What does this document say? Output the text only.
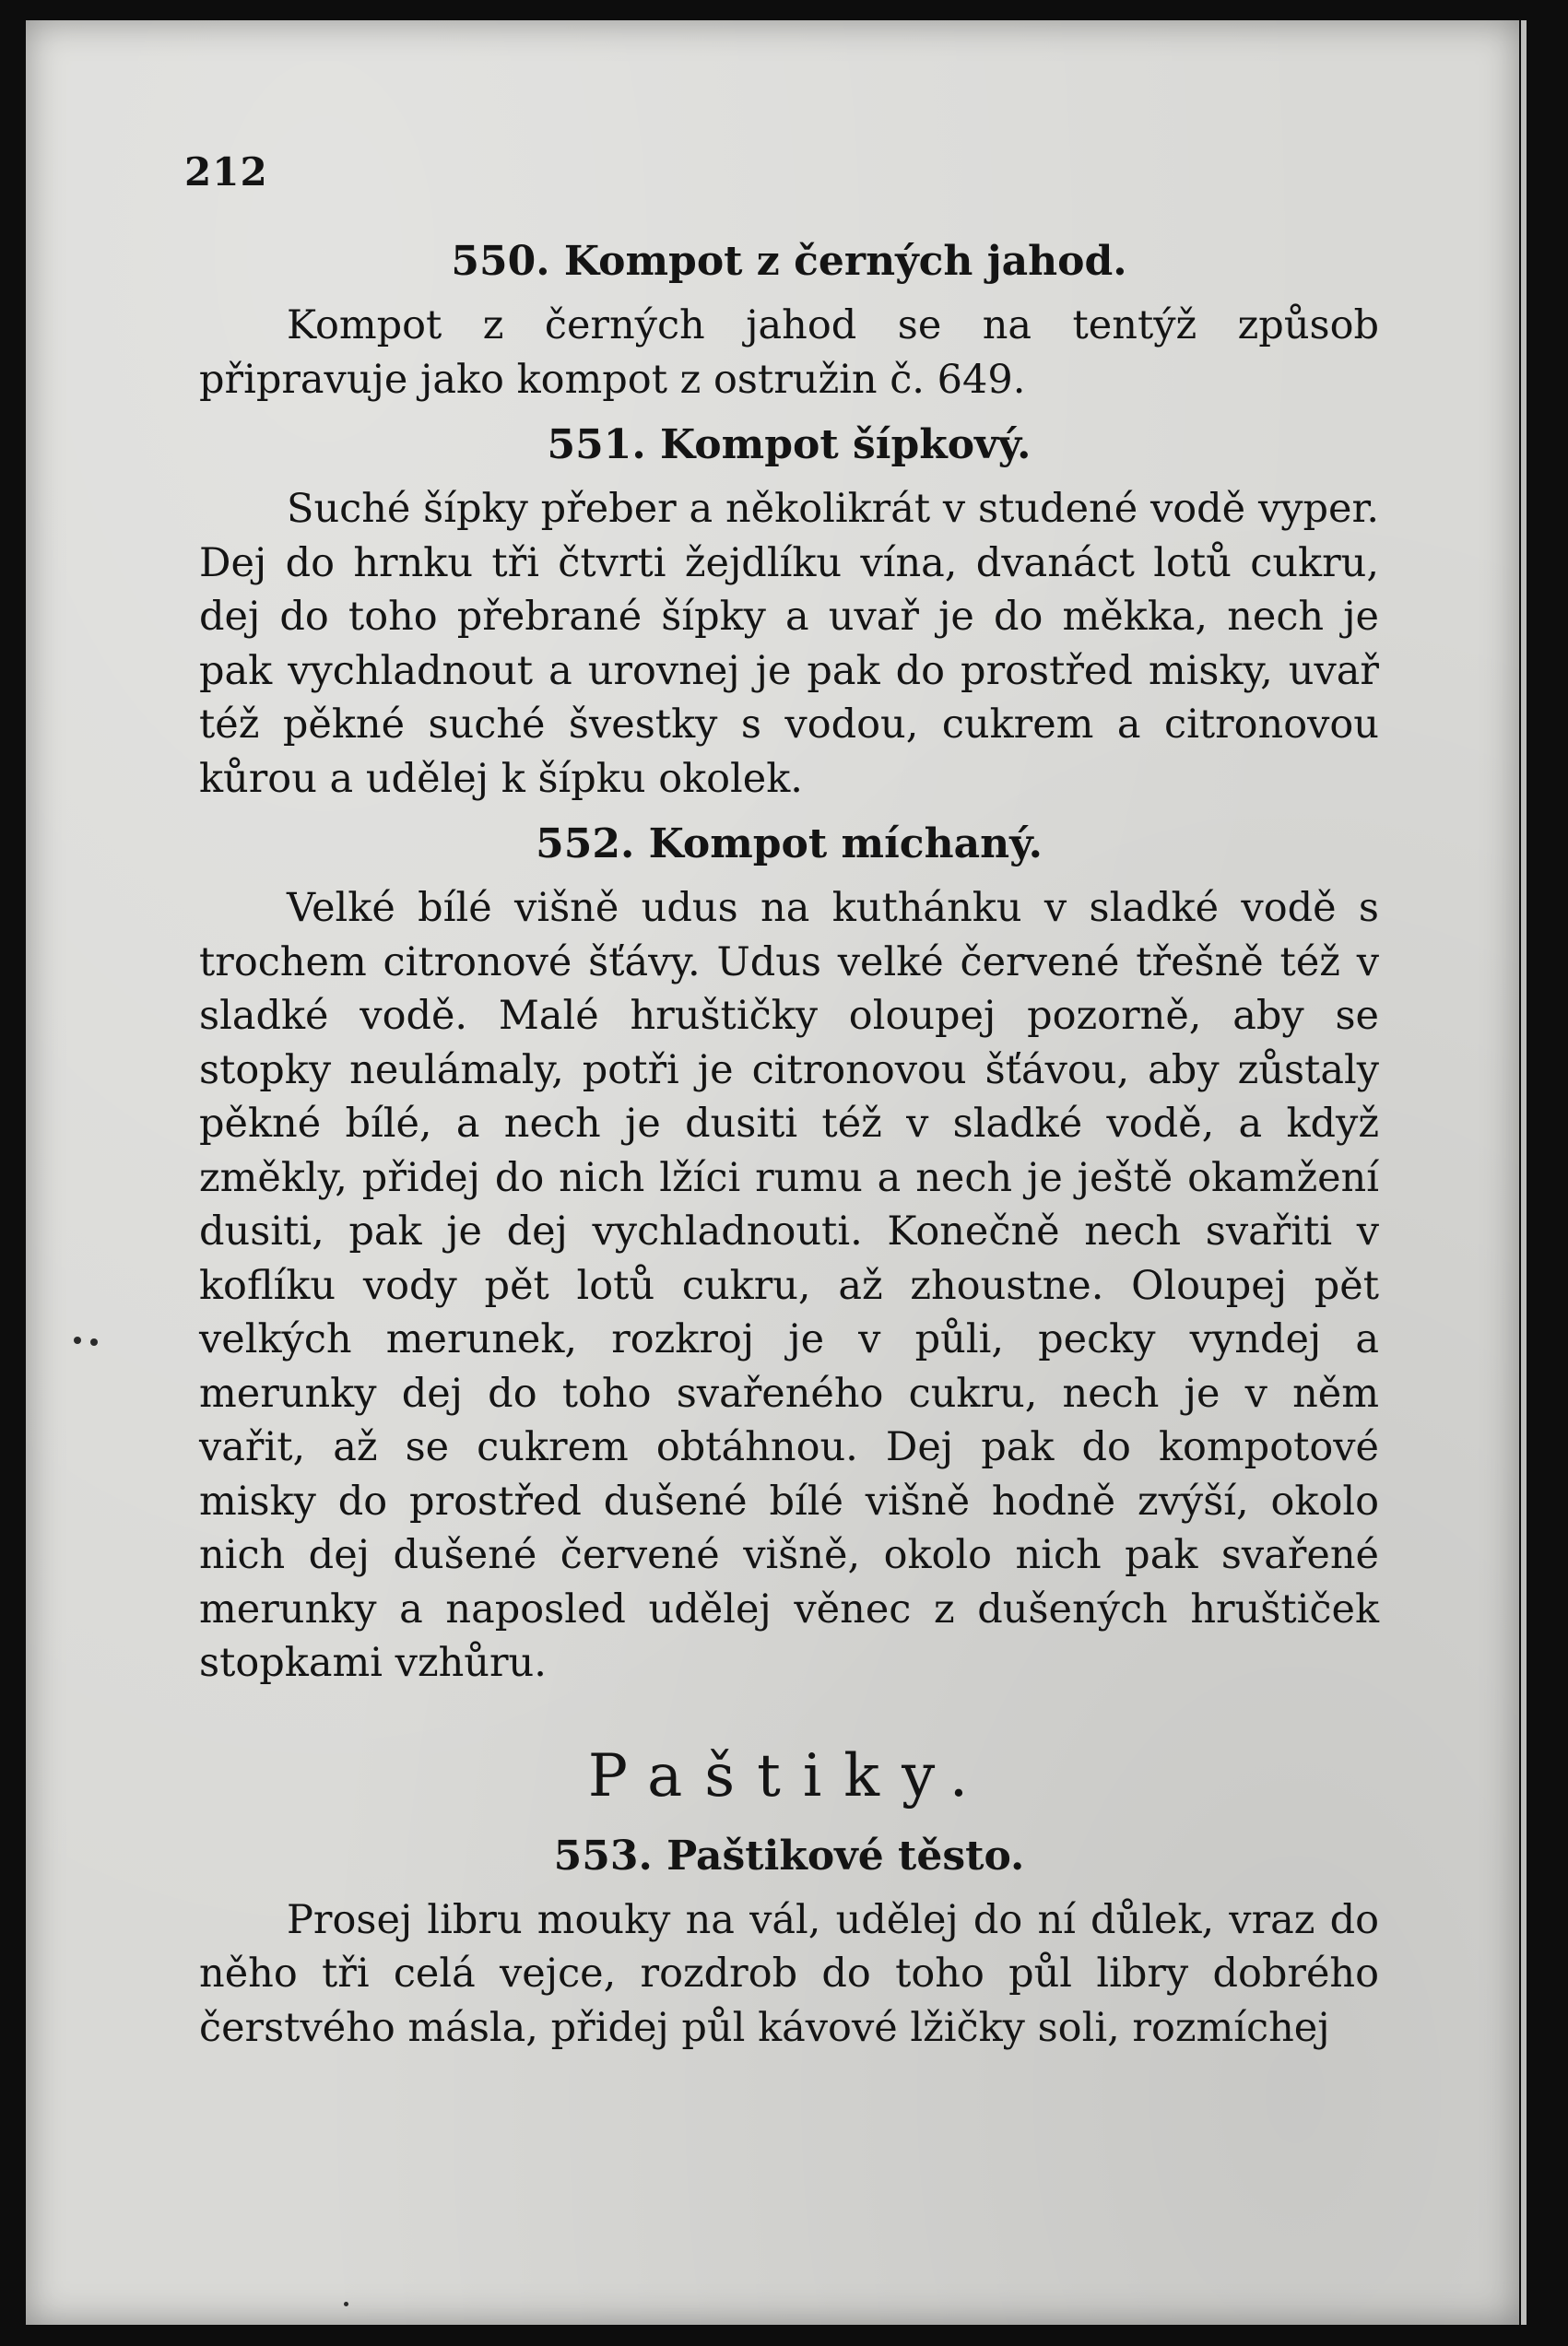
212
550. Kompot z černých jahod.

Kompot z černých jahod se na tentýž způsob připravuje jako kompot z ostružin č. 649.

551. Kompot šípkový.

Suché šípky přeber a několikrát v studené vodě vyper. Dej do hrnku tři čtvrti žejdlíku vína, dvanáct lotů cukru, dej do toho přebrané šípky a uvař je do měkka, nech je pak vychladnout a urovnej je pak do prostřed misky, uvař též pěkné suché švestky s vodou, cukrem a citronovou kůrou a udělej k šípku okolek.

552. Kompot míchaný.

Velké bílé višně udus na kuthánku v sladké vodě s trochem citronové šťávy. Udus velké červené třešně též v sladké vodě. Malé hruštičky oloupej pozorně, aby se stopky neulámaly, potři je citronovou šťávou, aby zůstaly pěkné bílé, a nech je dusiti též v sladké vodě, a když změkly, přidej do nich lžíci rumu a nech je ještě okamžení dusiti, pak je dej vychladnouti. Konečně nech svařiti v koflíku vody pět lotů cukru, až zhoustne. Oloupej pět velkých merunek, rozkroj je v půli, pecky vyndej a merunky dej do toho svařeného cukru, nech je v něm vařit, až se cukrem obtáhnou. Dej pak do kompotové misky do prostřed dušené bílé višně hodně zvýší, okolo nich dej dušené červené višně, okolo nich pak svařené merunky a naposled udělej věnec z dušených hruštiček stopkami vzhůru.

Paštiky.
553. Paštikové těsto.

Prosej libru mouky na vál, udělej do ní důlek, vraz do něho tři celá vejce, rozdrob do toho půl libry dobrého čerstvého másla, přidej půl kávové lžičky soli, rozmíchej
